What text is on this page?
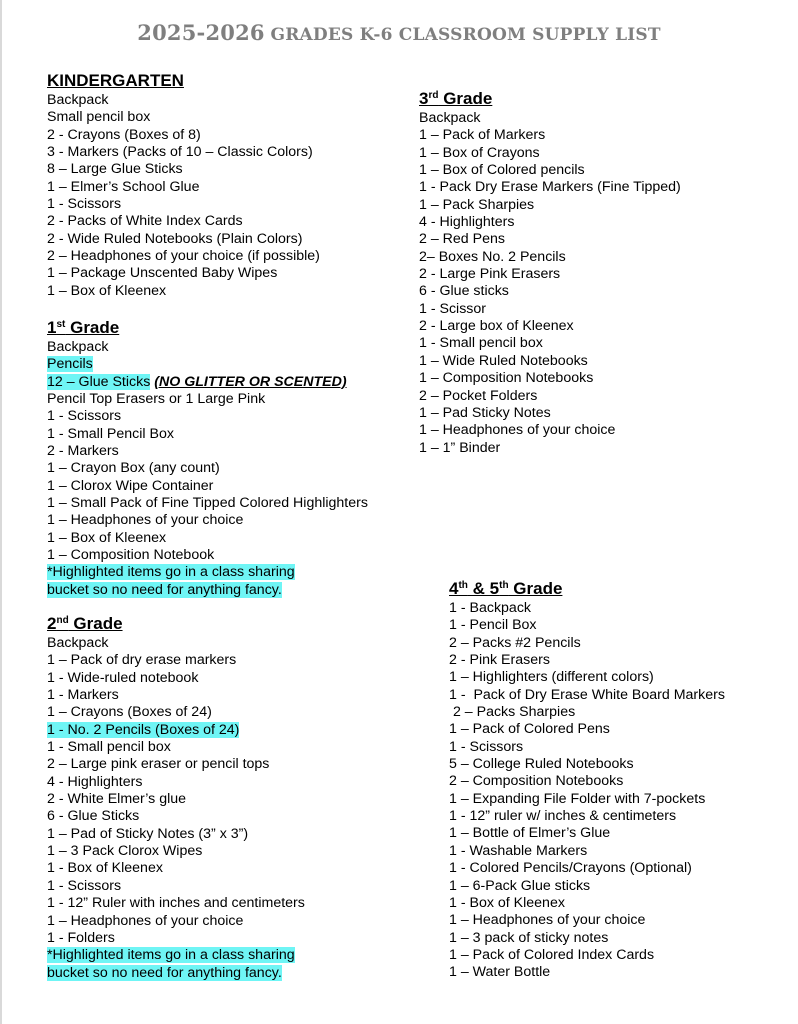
2025-2026 GRADES K-6 CLASSROOM SUPPLY LIST
KINDERGARTEN
Backpack
Small pencil box
2 - Crayons (Boxes of 8)
3 - Markers (Packs of 10 – Classic Colors)
8 – Large Glue Sticks
1 – Elmer’s School Glue
1 - Scissors
2 - Packs of White Index Cards
2 - Wide Ruled Notebooks (Plain Colors)
2 – Headphones of your choice (if possible)
1 – Package Unscented Baby Wipes
1 – Box of Kleenex
1st Grade
Backpack
Pencils
12 – Glue Sticks (NO GLITTER OR SCENTED)
Pencil Top Erasers or 1 Large Pink
1 - Scissors
1 - Small Pencil Box
2 - Markers
1 – Crayon Box (any count)
1 – Clorox Wipe Container
1 – Small Pack of Fine Tipped Colored Highlighters
1 – Headphones of your choice
1 – Box of Kleenex
1 – Composition Notebook
*Highlighted items go in a class sharing
bucket so no need for anything fancy.
2nd Grade
Backpack
1 – Pack of dry erase markers
1 - Wide-ruled notebook
1 - Markers
1 – Crayons (Boxes of 24)
1 - No. 2 Pencils (Boxes of 24)
1 - Small pencil box
2 – Large pink eraser or pencil tops
4 - Highlighters
2 - White Elmer’s glue
6 - Glue Sticks
1 – Pad of Sticky Notes (3” x 3”)
1 – 3 Pack Clorox Wipes
1 - Box of Kleenex
1 - Scissors
1 - 12” Ruler with inches and centimeters
1 – Headphones of your choice
1 - Folders
*Highlighted items go in a class sharing
bucket so no need for anything fancy.
3rd Grade
Backpack
1 – Pack of Markers
1 – Box of Crayons
1 – Box of Colored pencils
1 - Pack Dry Erase Markers (Fine Tipped)
1 – Pack Sharpies
4 - Highlighters
2 – Red Pens
2– Boxes No. 2 Pencils
2 - Large Pink Erasers
6 - Glue sticks
1 - Scissor
2 - Large box of Kleenex
1 - Small pencil box
1 – Wide Ruled Notebooks
1 – Composition Notebooks
2 – Pocket Folders
1 – Pad Sticky Notes
1 – Headphones of your choice
1 – 1” Binder
4th & 5th Grade
1 - Backpack
1 - Pencil Box
2 – Packs #2 Pencils
2 - Pink Erasers
1 – Highlighters (different colors)
1 -  Pack of Dry Erase White Board Markers
2 – Packs Sharpies
1 – Pack of Colored Pens
1 - Scissors
5 – College Ruled Notebooks
2 – Composition Notebooks
1 – Expanding File Folder with 7-pockets
1 - 12” ruler w/ inches & centimeters
1 – Bottle of Elmer’s Glue
1 - Washable Markers
1 - Colored Pencils/Crayons (Optional)
1 – 6-Pack Glue sticks
1 - Box of Kleenex
1 – Headphones of your choice
1 – 3 pack of sticky notes
1 – Pack of Colored Index Cards
1 – Water Bottle
